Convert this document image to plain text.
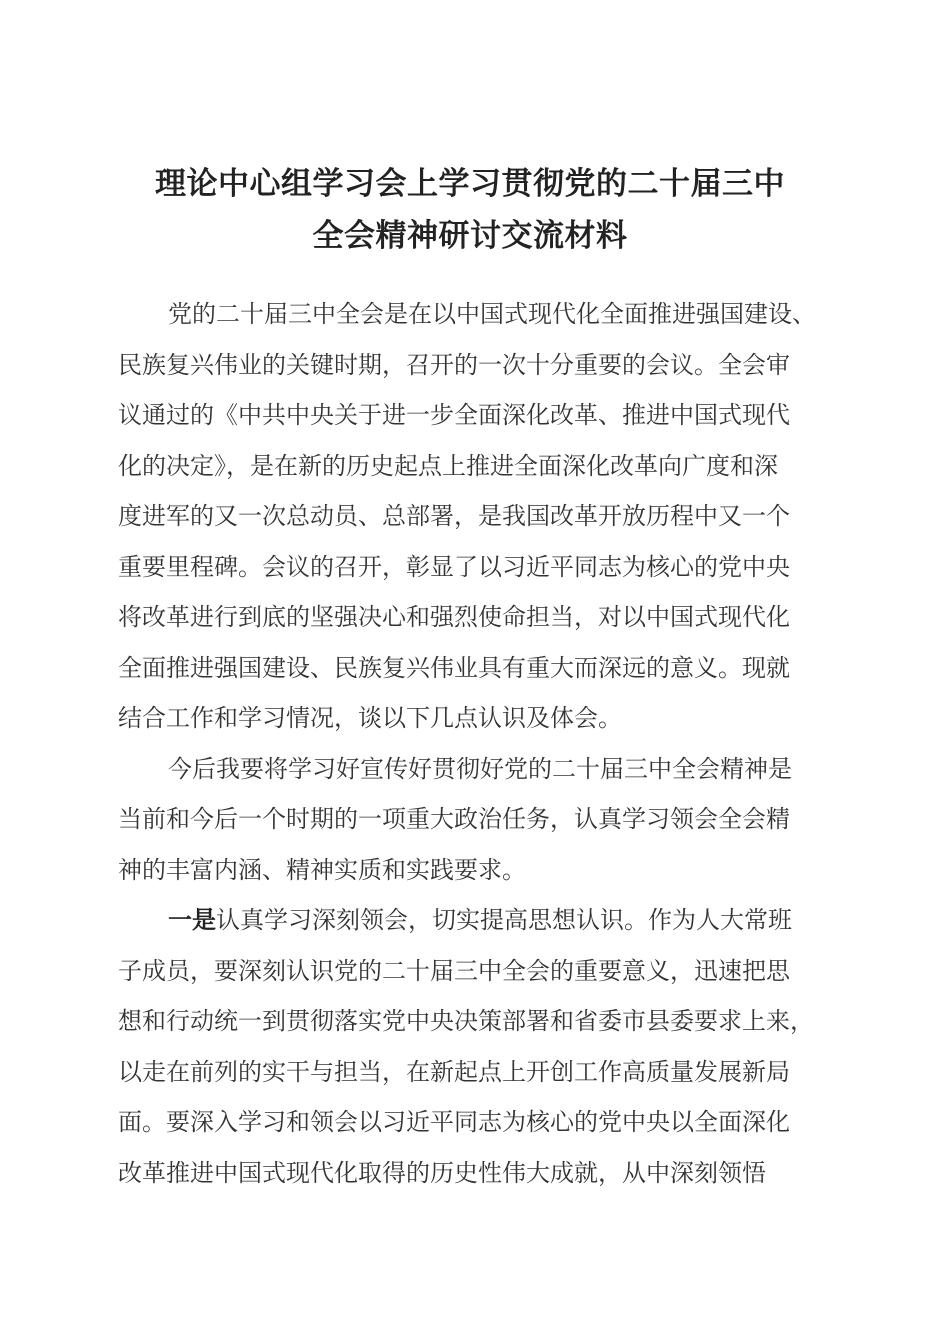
理论中心组学习会上学习贯彻党的二十届三中
全会精神研讨交流材料
党的二十届三中全会是在以中国式现代化全面推进强国建设、
民族复兴伟业的关键时期，召开的一次十分重要的会议。全会审
议通过的《中共中央关于进一步全面深化改革、推进中国式现代
化的决定》，是在新的历史起点上推进全面深化改革向广度和深
度进军的又一次总动员、总部署，是我国改革开放历程中又一个
重要里程碑。会议的召开，彰显了以习近平同志为核心的党中央
将改革进行到底的坚强决心和强烈使命担当，对以中国式现代化
全面推进强国建设、民族复兴伟业具有重大而深远的意义。现就
结合工作和学习情况，谈以下几点认识及体会。
今后我要将学习好宣传好贯彻好党的二十届三中全会精神是
当前和今后一个时期的一项重大政治任务，认真学习领会全会精
神的丰富内涵、精神实质和实践要求。
一是认真学习深刻领会，切实提高思想认识。作为人大常班
子成员，要深刻认识党的二十届三中全会的重要意义，迅速把思
想和行动统一到贯彻落实党中央决策部署和省委市县委要求上来，
以走在前列的实干与担当，在新起点上开创工作高质量发展新局
面。要深入学习和领会以习近平同志为核心的党中央以全面深化
改革推进中国式现代化取得的历史性伟大成就，从中深刻领悟
